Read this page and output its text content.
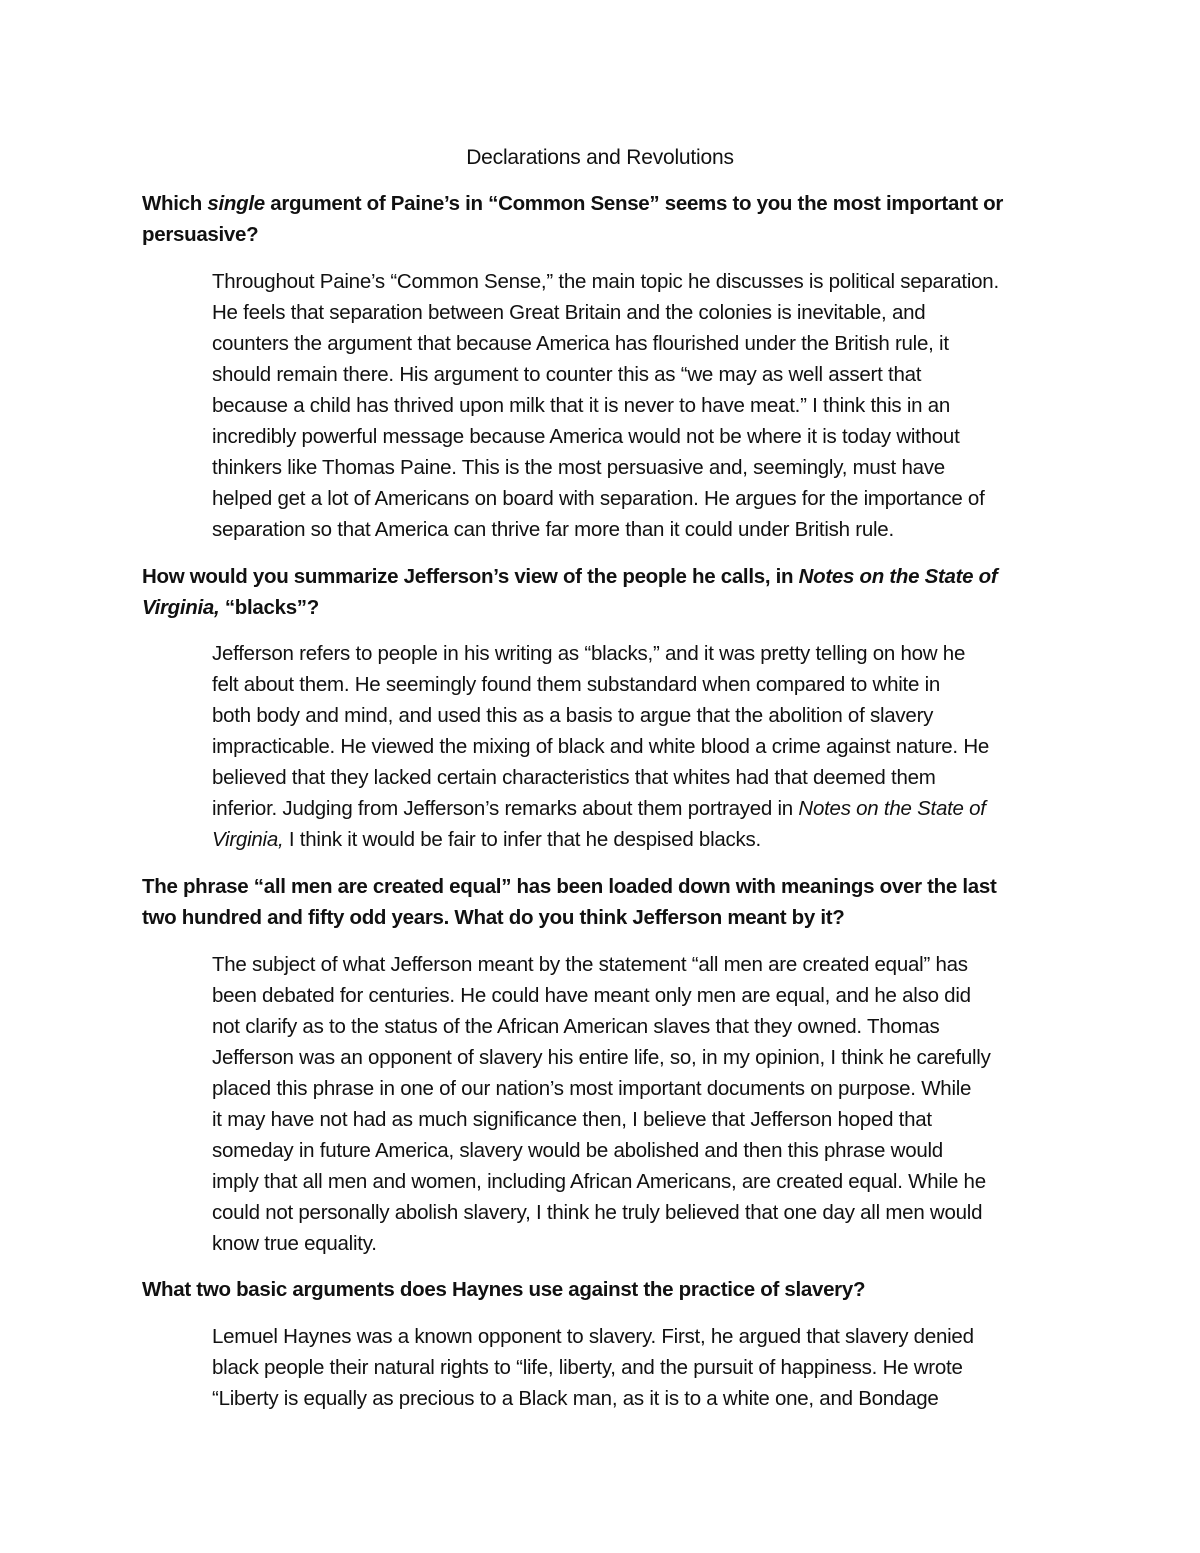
Declarations and Revolutions
Which single argument of Paine’s in “Common Sense” seems to you the most important or
persuasive?
Throughout Paine’s “Common Sense,” the main topic he discusses is political separation.
He feels that separation between Great Britain and the colonies is inevitable, and
counters the argument that because America has flourished under the British rule, it
should remain there. His argument to counter this as “we may as well assert that
because a child has thrived upon milk that it is never to have meat.” I think this in an
incredibly powerful message because America would not be where it is today without
thinkers like Thomas Paine. This is the most persuasive and, seemingly, must have
helped get a lot of Americans on board with separation. He argues for the importance of
separation so that America can thrive far more than it could under British rule.
How would you summarize Jefferson’s view of the people he calls, in Notes on the State of
Virginia, “blacks”?
Jefferson refers to people in his writing as “blacks,” and it was pretty telling on how he
felt about them. He seemingly found them substandard when compared to white in
both body and mind, and used this as a basis to argue that the abolition of slavery
impracticable. He viewed the mixing of black and white blood a crime against nature. He
believed that they lacked certain characteristics that whites had that deemed them
inferior. Judging from Jefferson’s remarks about them portrayed in Notes on the State of
Virginia, I think it would be fair to infer that he despised blacks.
The phrase “all men are created equal” has been loaded down with meanings over the last
two hundred and fifty odd years. What do you think Jefferson meant by it?
The subject of what Jefferson meant by the statement “all men are created equal” has
been debated for centuries. He could have meant only men are equal, and he also did
not clarify as to the status of the African American slaves that they owned. Thomas
Jefferson was an opponent of slavery his entire life, so, in my opinion, I think he carefully
placed this phrase in one of our nation’s most important documents on purpose. While
it may have not had as much significance then, I believe that Jefferson hoped that
someday in future America, slavery would be abolished and then this phrase would
imply that all men and women, including African Americans, are created equal. While he
could not personally abolish slavery, I think he truly believed that one day all men would
know true equality.
What two basic arguments does Haynes use against the practice of slavery?
Lemuel Haynes was a known opponent to slavery. First, he argued that slavery denied
black people their natural rights to “life, liberty, and the pursuit of happiness. He wrote
“Liberty is equally as precious to a Black man, as it is to a white one, and Bondage
